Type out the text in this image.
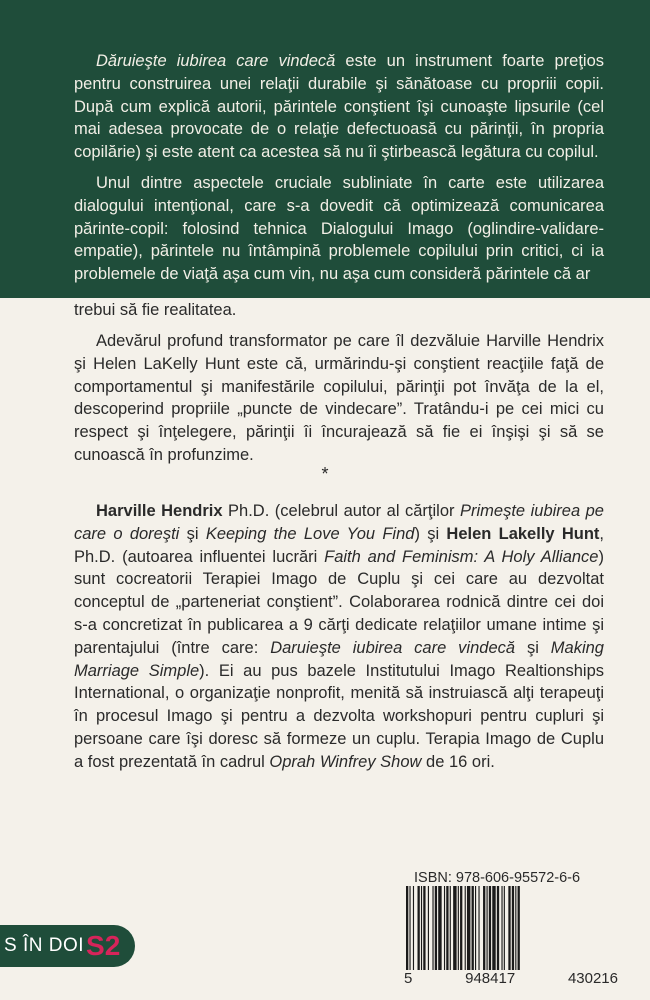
Dăruieşte iubirea care vindecă este un instrument foarte preţios pentru construirea unei relaţii durabile şi sănătoase cu propriii copii. După cum explică autorii, părintele conştient îşi cunoaşte lipsurile (cel mai adesea provocate de o relaţie defectuoasă cu părinţii, în propria copilărie) şi este atent ca acestea să nu îi ştirbească legătura cu copilul.

Unul dintre aspectele cruciale subliniate în carte este utilizarea dialogului intenţional, care s-a dovedit că optimizează comunicarea părinte-copil: folosind tehnica Dialogului Imago (oglindire-validare-empatie), părintele nu întâmpină problemele copilului prin critici, ci ia problemele de viaţă aşa cum vin, nu aşa cum consideră părintele că ar

trebui să fie realitatea.

Adevărul profund transformator pe care îl dezvăluie Harville Hendrix şi Helen LaKelly Hunt este că, urmărindu-şi conştient reacţiile faţă de comportamentul şi manifestările copilului, părinţii pot învăţa de la el, descoperind propriile „puncte de vindecare”. Tratându-i pe cei mici cu respect şi înţelegere, părinţii îi încurajează să fie ei înşişi şi să se cunoască în profunzime.

*
Harville Hendrix Ph.D. (celebrul autor al cărţilor Primeşte iubirea pe care o doreşti şi Keeping the Love You Find) şi Helen Lakelly Hunt, Ph.D. (autoarea influentei lucrări Faith and Feminism: A Holy Alliance) sunt cocreatorii Terapiei Imago de Cuplu şi cei care au dezvoltat conceptul de „parteneriat conştient”. Colaborarea rodnică dintre cei doi s-a concretizat în publicarea a 9 cărţi dedicate relaţiilor umane intime şi parentajului (între care: Daruieşte iubirea care vindecă şi Making Marriage Simple). Ei au pus bazele Institutului Imago Realtionships International, o organizaţie nonprofit, menită să instruiască alţi terapeuţi în procesul Imago şi pentru a dezvolta workshopuri pentru cupluri şi persoane care îşi doresc să formeze un cuplu. Terapia Imago de Cuplu a fost prezentată în cadrul Oprah Winfrey Show de 16 ori.
ISBN: 978-606-95572-6-6
5	948417	430216
S ÎN DOI S2
